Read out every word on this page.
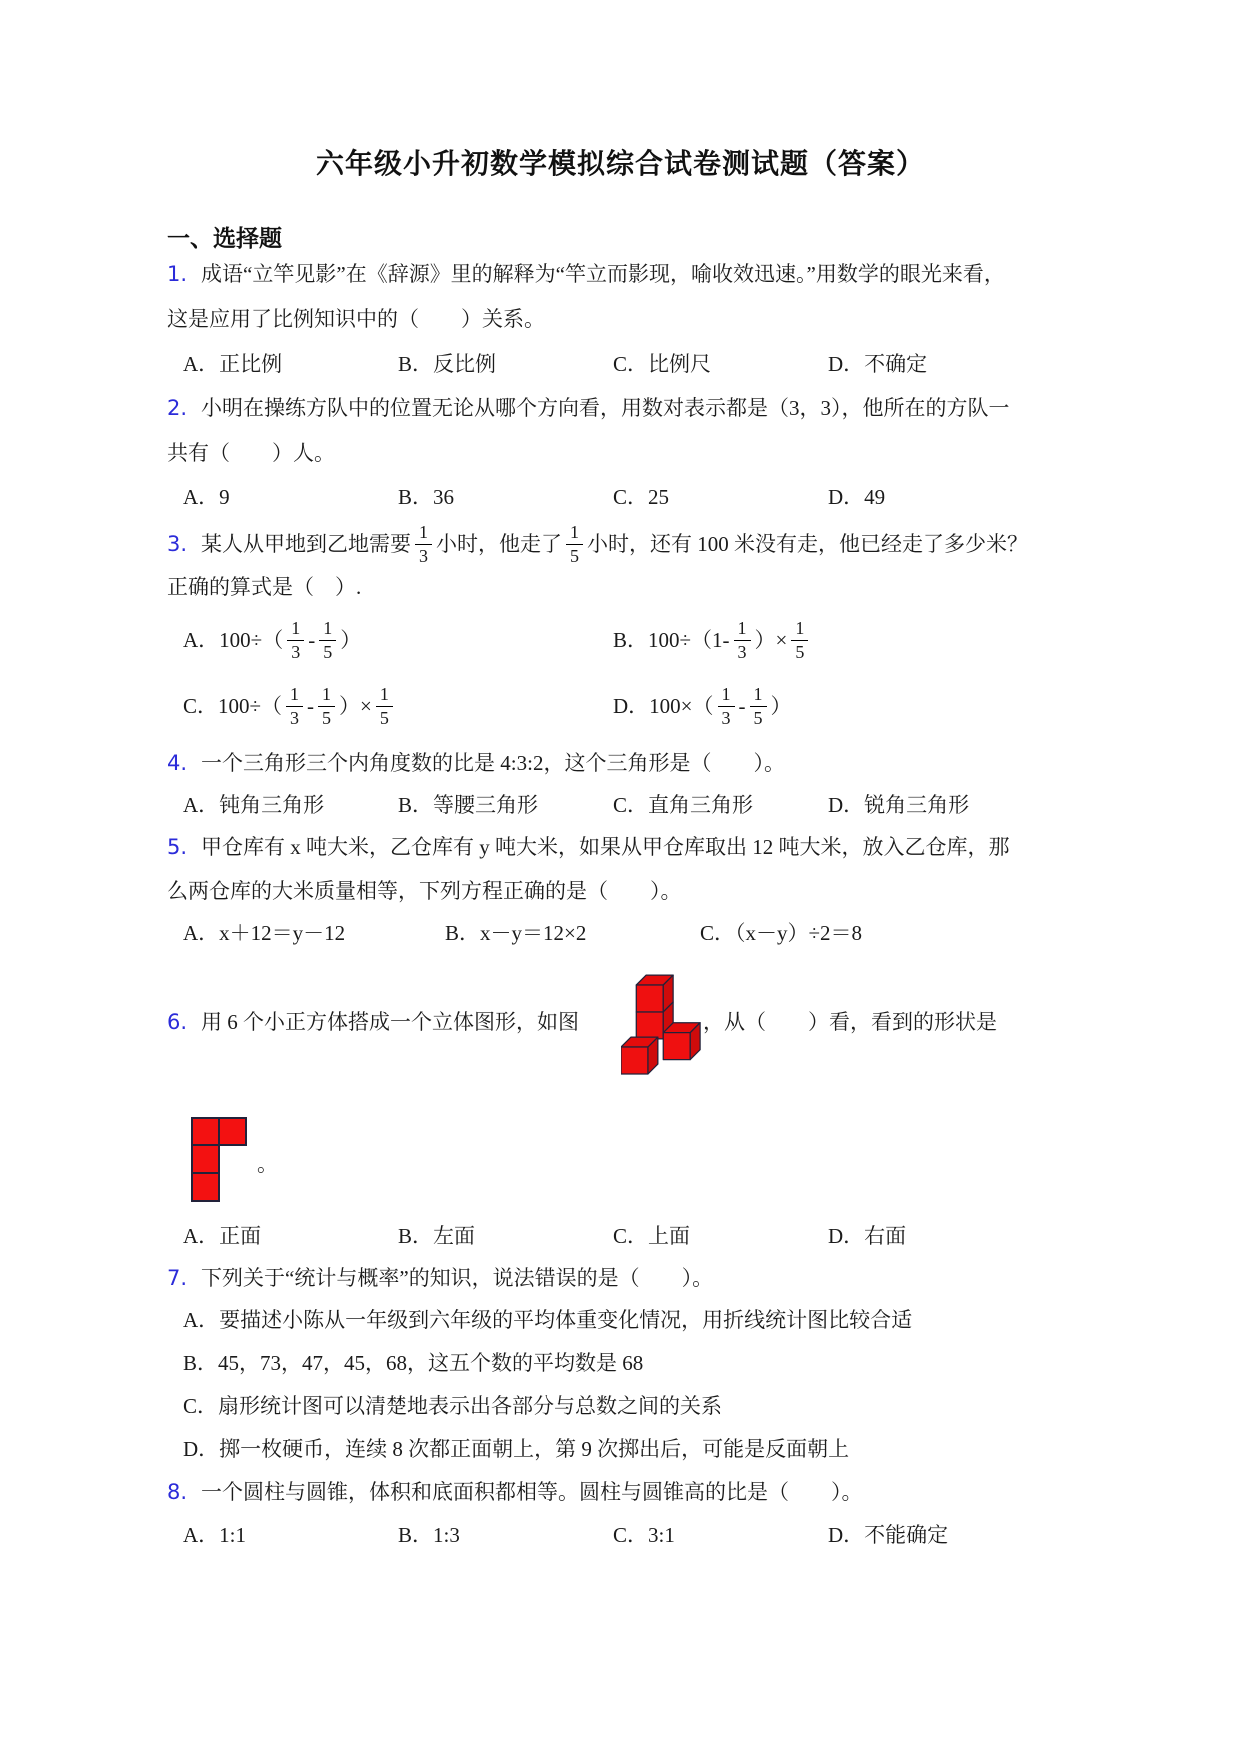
六年级小升初数学模拟综合试卷测试题（答案）
一、选择题
1. 成语“立竿见影”在《辞源》里的解释为“竿立而影现，喻收效迅速。”用数学的眼光来看，
这是应用了比例知识中的（　　）关系。
A．正比例	B．反比例	C．比例尺	D．不确定
2. 小明在操练方队中的位置无论从哪个方向看，用数对表示都是（3，3），他所在的方队一
共有（　　）人。
A．9	B．36	C．25	D．49
3. 某人从甲地到乙地需要 $\frac{1}{3}$ 小时，他走了 $\frac{1}{5}$ 小时，还有 100 米没有走，他已经走了多少米？
正确的算式是（　）.
A．$100\div( \frac{1}{3} - \frac{1}{5}$ ）	B．$100\div(1- \frac{1}{3}$ ）× $\frac{1}{5}$
C．$100\div( \frac{1}{3} - \frac{1}{5}$ ）× $\frac{1}{5}$	D．$100\times( \frac{1}{3} - \frac{1}{5}$ ）
4. 一个三角形三个内角度数的比是 4:3:2，这个三角形是（　　）。
A．钝角三角形	B．等腰三角形	C．直角三角形	D．锐角三角形
5. 甲仓库有 x 吨大米，乙仓库有 y 吨大米，如果从甲仓库取出 12 吨大米，放入乙仓库，那
么两仓库的大米质量相等，下列方程正确的是（　　）。
A．x＋12＝y－12	B．x－y＝12×2	C．（x－y）÷2＝8
6. 用 6 个小正方体搭成一个立体图形，如图	，从（　　）看，看到的形状是
。
A．正面	B．左面	C．上面	D．右面
7. 下列关于“统计与概率”的知识，说法错误的是（　　）。
A．要描述小陈从一年级到六年级的平均体重变化情况，用折线统计图比较合适
B．45，73，47，45，68，这五个数的平均数是 68
C．扇形统计图可以清楚地表示出各部分与总数之间的关系
D．掷一枚硬币，连续 8 次都正面朝上，第 9 次掷出后，可能是反面朝上
8. 一个圆柱与圆锥，体积和底面积都相等。圆柱与圆锥高的比是（　　）。
A．1:1	B．1:3	C．3:1	D．不能确定
